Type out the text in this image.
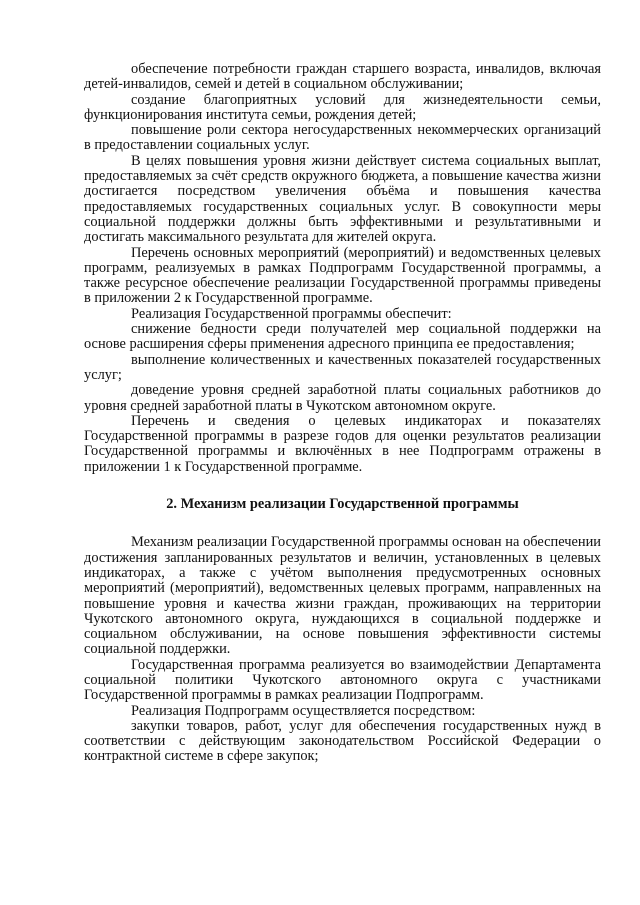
обеспечение потребности граждан старшего возраста, инвалидов, включая детей-инвалидов, семей и детей в социальном обслуживании;

создание благоприятных условий для жизнедеятельности семьи, функционирования института семьи, рождения детей;

повышение роли сектора негосударственных некоммерческих организаций в предоставлении социальных услуг.

В целях повышения уровня жизни действует система социальных выплат, предоставляемых за счёт средств окружного бюджета, а повышение качества жизни достигается посредством увеличения объёма и повышения качества предоставляемых государственных социальных услуг. В совокупности меры социальной поддержки должны быть эффективными и результативными и достигать максимального результата для жителей округа.

Перечень основных мероприятий (мероприятий) и ведомственных целевых программ, реализуемых в рамках Подпрограмм Государственной программы, а также ресурсное обеспечение реализации Государственной программы приведены в приложении 2 к Государственной программе.

Реализация Государственной программы обеспечит:

снижение бедности среди получателей мер социальной поддержки на основе расширения сферы применения адресного принципа ее предоставления;

выполнение количественных и качественных показателей государственных услуг;

доведение уровня средней заработной платы социальных работников до уровня средней заработной платы в Чукотском автономном округе.

Перечень и сведения о целевых индикаторах и показателях Государственной программы в разрезе годов для оценки результатов реализации Государственной программы и включённых в нее Подпрограмм отражены в приложении 1 к Государственной программе.

2. Механизм реализации Государственной программы

Механизм реализации Государственной программы основан на обеспечении достижения запланированных результатов и величин, установленных в целевых индикаторах, а также с учётом выполнения предусмотренных основных мероприятий (мероприятий), ведомственных целевых программ, направленных на повышение уровня и качества жизни граждан, проживающих на территории Чукотского автономного округа, нуждающихся в социальной поддержке и социальном обслуживании, на основе повышения эффективности системы социальной поддержки.

Государственная программа реализуется во взаимодействии Департамента социальной политики Чукотского автономного округа с участниками Государственной программы в рамках реализации Подпрограмм.

Реализация Подпрограмм осуществляется посредством:

закупки товаров, работ, услуг для обеспечения государственных нужд в соответствии с действующим законодательством Российской Федерации о контрактной системе в сфере закупок;
